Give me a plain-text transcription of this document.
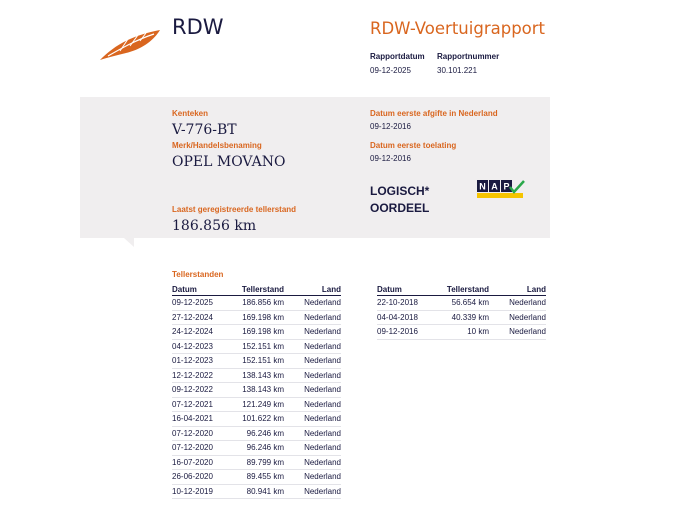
RDW	RDW-Voertuigrapport
Rapportdatum
09-12-2025
Rapportnummer
30.101.221
Kenteken
V-776-BT
Merk/Handelsbenaming
OPEL MOVANO
Laatst geregistreerde tellerstand
186.856 km
Datum eerste afgifte in Nederland
09-12-2016
Datum eerste toelating
09-12-2016
LOGISCH*
OORDEEL
N A P
Tellerstanden
Datum	Tellerstand	Land
09-12-2025	186.856 km	Nederland
27-12-2024	169.198 km	Nederland
24-12-2024	169.198 km	Nederland
04-12-2023	152.151 km	Nederland
01-12-2023	152.151 km	Nederland
12-12-2022	138.143 km	Nederland
09-12-2022	138.143 km	Nederland
07-12-2021	121.249 km	Nederland
16-04-2021	101.622 km	Nederland
07-12-2020	96.246 km	Nederland
07-12-2020	96.246 km	Nederland
16-07-2020	89.799 km	Nederland
26-06-2020	89.455 km	Nederland
10-12-2019	80.941 km	Nederland
Datum	Tellerstand	Land
22-10-2018	56.654 km	Nederland
04-04-2018	40.339 km	Nederland
09-12-2016	10 km	Nederland
